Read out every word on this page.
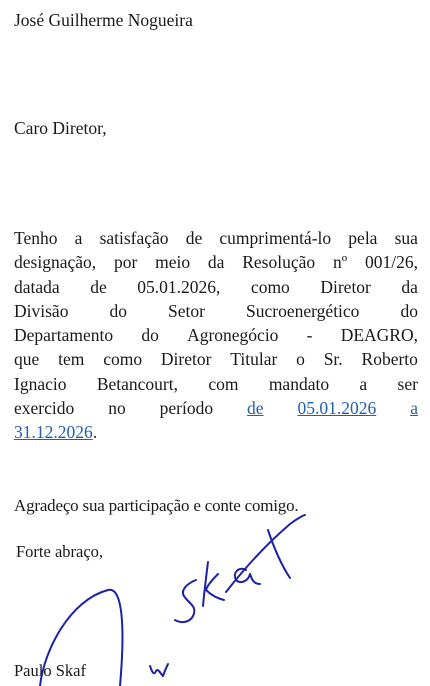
José Guilherme Nogueira
Caro Diretor,
Tenho a satisfação de cumprimentá-lo pela sua
designação, por meio da Resolução nº 001/26,
datada de 05.01.2026, como Diretor da
Divisão do Setor Sucroenergético do
Departamento do Agronegócio - DEAGRO,
que tem como Diretor Titular o Sr. Roberto
Ignacio Betancourt, com mandato a ser
exercido no período de 05.01.2026 a
31.12.2026 .
Agradeço sua participação e conte comigo.
Forte abraço,
Paulo Skaf
